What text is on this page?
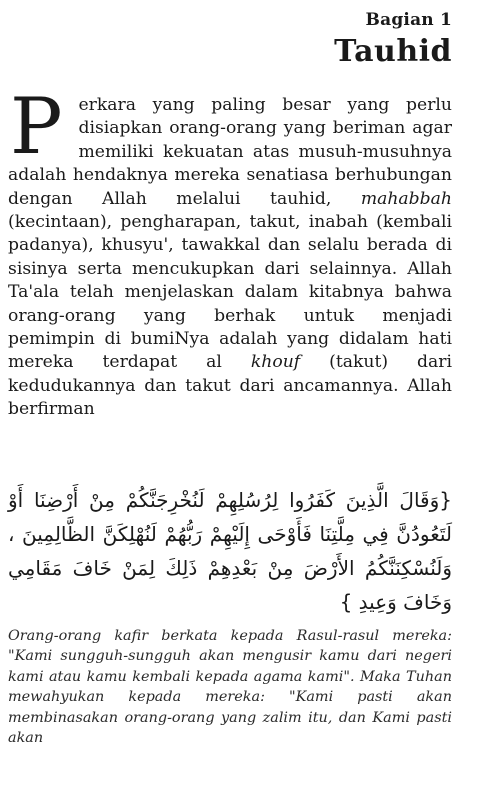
Bagian 1
Tauhid
Perkara yang paling besar yang perlu disiapkan orang-orang yang beriman agar memiliki kekuatan atas musuh-musuhnya adalah hendaknya mereka senatiasa berhubungan dengan Allah melalui tauhid, mahabbah (kecintaan), pengharapan, takut, inabah (kembali padanya), khusyu', tawakkal dan selalu berada di sisinya serta mencukupkan dari selainnya. Allah Ta'ala telah menjelaskan dalam kitabnya bahwa orang-orang yang berhak untuk menjadi pemimpin di bumiNya adalah yang didalam hati mereka terdapat al khouf (takut) dari kedudukannya dan takut dari ancamannya. Allah berfirman
{وَقَالَ الَّذِينَ كَفَرُوا لِرُسُلِهِمْ لَنُخْرِجَنَّكُمْ مِنْ أَرْضِنَا أَوْ لَتَعُودُنَّ فِي مِلَّتِنَا فَأَوْحَى إِلَيْهِمْ رَبُّهُمْ لَنُهْلِكَنَّ الظَّالِمِينَ ، وَلَنُسْكِنَنَّكُمُ الأَرْضَ مِنْ بَعْدِهِمْ ذَلِكَ لِمَنْ خَافَ مَقَامِي وَخَافَ وَعِيدِ }
Orang-orang kafir berkata kepada Rasul-rasul mereka: "Kami sungguh-sungguh akan mengusir kamu dari negeri kami atau kamu kembali kepada agama kami". Maka Tuhan mewahyukan kepada mereka: "Kami pasti akan membinasakan orang-orang yang zalim itu, dan Kami pasti akan
